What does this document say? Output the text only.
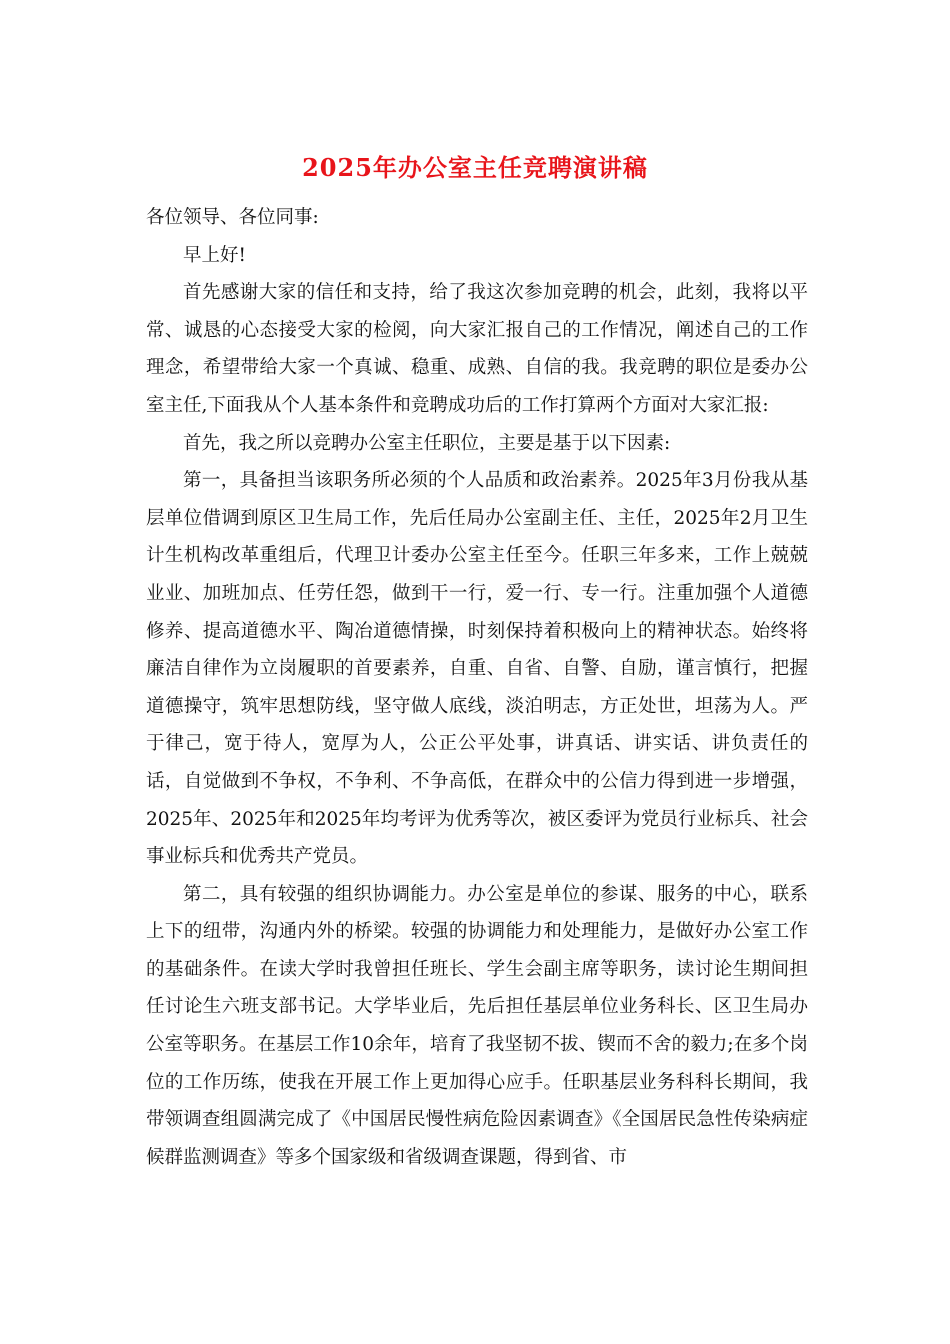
2025年办公室主任竞聘演讲稿

各位领导、各位同事:

早上好!

首先感谢大家的信任和支持，给了我这次参加竞聘的机会，此刻，我将以平常、诚恳的心态接受大家的检阅，向大家汇报自己的工作情况，阐述自己的工作理念，希望带给大家一个真诚、稳重、成熟、自信的我。我竞聘的职位是委办公室主任,下面我从个人基本条件和竞聘成功后的工作打算两个方面对大家汇报:

首先，我之所以竞聘办公室主任职位，主要是基于以下因素:

第一，具备担当该职务所必须的个人品质和政治素养。2025年3月份我从基层单位借调到原区卫生局工作，先后任局办公室副主任、主任，2025年2月卫生计生机构改革重组后，代理卫计委办公室主任至今。任职三年多来，工作上兢兢业业、加班加点、任劳任怨，做到干一行，爱一行、专一行。注重加强个人道德修养、提高道德水平、陶冶道德情操，时刻保持着积极向上的精神状态。始终将廉洁自律作为立岗履职的首要素养，自重、自省、自警、自励，谨言慎行，把握道德操守，筑牢思想防线，坚守做人底线，淡泊明志，方正处世，坦荡为人。严于律己，宽于待人，宽厚为人，公正公平处事，讲真话、讲实话、讲负责任的话，自觉做到不争权，不争利、不争高低，在群众中的公信力得到进一步增强，2025年、2025年和2025年均考评为优秀等次，被区委评为党员行业标兵、社会事业标兵和优秀共产党员。

第二，具有较强的组织协调能力。办公室是单位的参谋、服务的中心，联系上下的纽带，沟通内外的桥梁。较强的协调能力和处理能力，是做好办公室工作的基础条件。在读大学时我曾担任班长、学生会副主席等职务，读讨论生期间担任讨论生六班支部书记。大学毕业后，先后担任基层单位业务科长、区卫生局办公室等职务。在基层工作10余年，培育了我坚韧不拔、锲而不舍的毅力;在多个岗位的工作历练，使我在开展工作上更加得心应手。任职基层业务科科长期间，我带领调查组圆满完成了《中国居民慢性病危险因素调查》《全国居民急性传染病症候群监测调查》等多个国家级和省级调查课题，得到省、市
